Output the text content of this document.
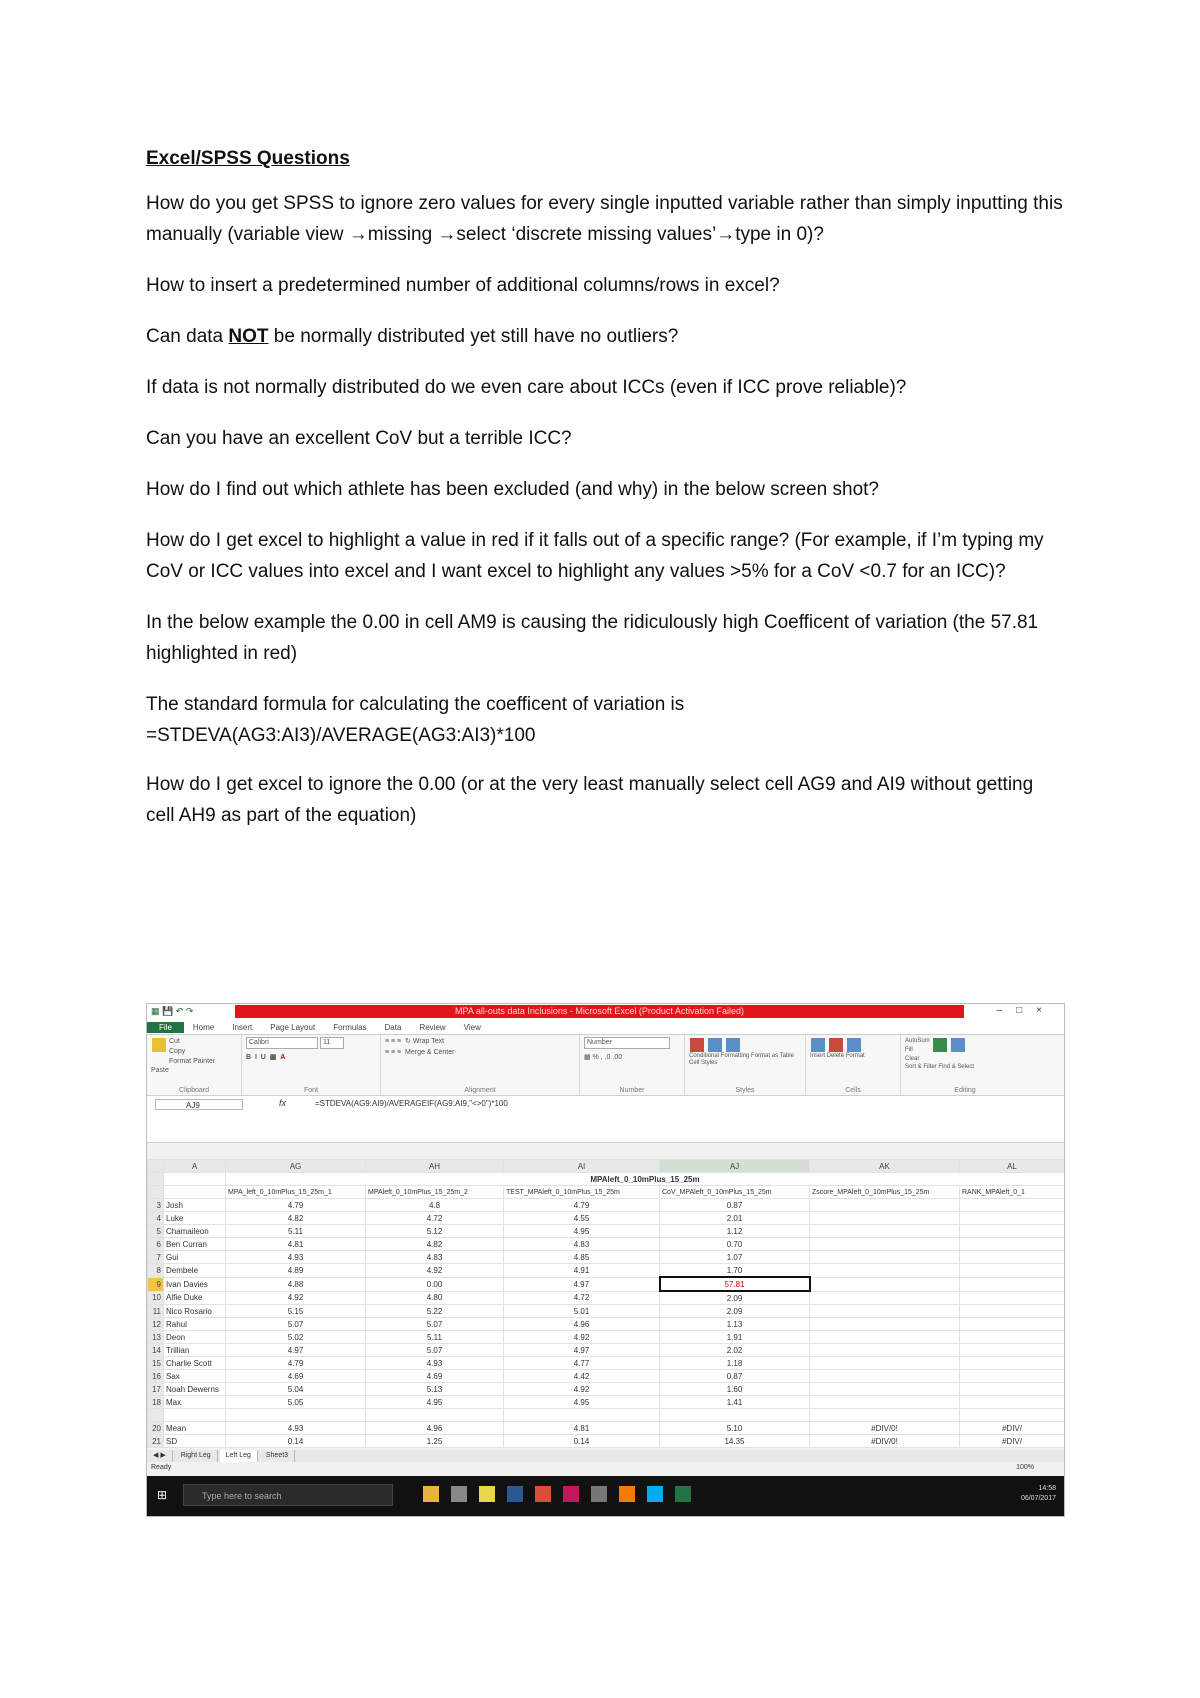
Excel/SPSS Questions

How do you get SPSS to ignore zero values for every single inputted variable rather than simply inputting this manually (variable view →missing →select ‘discrete missing values’→type in 0)?

How to insert a predetermined number of additional columns/rows in excel?

Can data NOT be normally distributed yet still have no outliers?

If data is not normally distributed do we even care about ICCs (even if ICC prove reliable)?

Can you have an excellent CoV but a terrible ICC?

How do I find out which athlete has been excluded (and why) in the below screen shot?

How do I get excel to highlight a value in red if it falls out of a specific range? (For example, if I’m typing my CoV or ICC values into excel and I want excel to highlight any values >5% for a CoV <0.7 for an ICC)?

In the below example the 0.00 in cell AM9 is causing the ridiculously high Coefficent of variation (the 57.81 highlighted in red)

The standard formula for calculating the coefficent of variation is
=STDEVA(AG3:AI3)/AVERAGE(AG3:AI3)*100

How do I get excel to ignore the 0.00 (or at the very least manually select cell AG9 and AI9 without getting cell AH9 as part of the equation)

▦ 💾 ↶ ↷	MPA all-outs data Inclusions - Microsoft Excel (Product Activation Failed)	–□×
File	Home	Insert	Page Layout	Formulas	Data	Review	View

Cut
Copy
Format Painter
Paste
Clipboard
Calibri	11
B  I  U  ▦  A
Font
≡ ≡ ≡  ↻ Wrap Text
≡ ≡ ≡  Merge & Center
Alignment
Number
▦ % , .0 .00
Number

Conditional Formatting Format as Table Cell Styles
Styles

Insert Delete Format
Cells
AutoSum
Fill
Clear

Sort & Filter Find & Select
Editing
AJ9	fx	=STDEVA(AG9:AI9)/AVERAGEIF(AG9:AI9,"<>0")*100
	A	AG	AH	AI	AJ	AK	AL
		MPAleft_0_10mPlus_15_25m					
		MPA_left_0_10mPlus_15_25m_1	MPAleft_0_10mPlus_15_25m_2	TEST_MPAleft_0_10mPlus_15_25m	CoV_MPAleft_0_10mPlus_15_25m	Zscore_MPAleft_0_10mPlus_15_25m	RANK_MPAleft_0_1
3	Josh	4.79	4.8	4.79	0.87		
4	Luke	4.82	4.72	4.55	2.01		
5	Chamaileon	5.11	5.12	4.95	1.12		
6	Ben Curran	4.81	4.82	4.83	0.70		
7	Gui	4.93	4.83	4.85	1.07		
8	Dembele	4.89	4.92	4.91	1.70		
9	Ivan Davies	4.88	0.00	4.97	57.81		
10	Alfie Duke	4.92	4.80	4.72	2.09		
11	Nico Rosario	5.15	5.22	5.01	2.09		
12	Rahul	5.07	5.07	4.96	1.13		
13	Deon	5.02	5.11	4.92	1.91		
14	Trillian	4.97	5.07	4.97	2.02		
15	Charlie Scott	4.79	4.93	4.77	1.18		
16	Sax	4.69	4.69	4.42	0.87		
17	Noah Dewerns	5.04	5.13	4.92	1.60		
18	Max	5.05	4.95	4.95	1.41		

20	Mean	4.93	4.96	4.81	5.10	#DIV/0!	#DIV/
21	SD	0.14	1.25	0.14	14.35	#DIV/0!	#DIV/
◀ ▶ Right Leg Left Leg Sheet3
Ready	100%
⊞	Type here to search
14:58
06/07/2017
